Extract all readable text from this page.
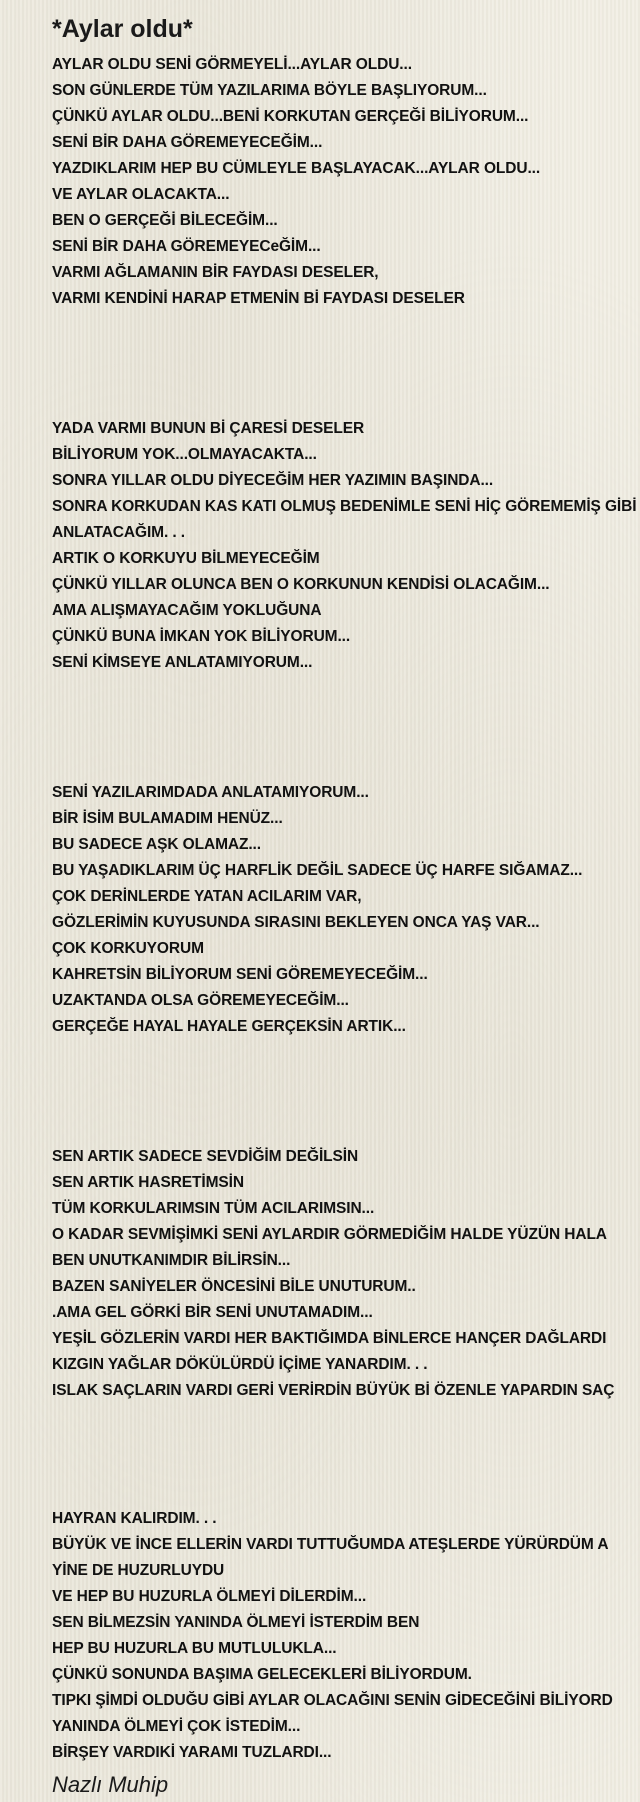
*Aylar oldu*
AYLAR OLDU SENİ GÖRMEYELİ...AYLAR OLDU...
SON GÜNLERDE TÜM YAZILARIMA BÖYLE BAŞLIYORUM...
ÇÜNKÜ AYLAR OLDU...BENİ KORKUTAN GERÇEĞİ BİLİYORUM...
SENİ BİR DAHA GÖREMEYECEĞİM...
YAZDIKLARIM HEP BU CÜMLEYLE BAŞLAYACAK...AYLAR OLDU...
VE AYLAR OLACAKTA...
BEN O GERÇEĞİ BİLECEĞİM...
SENİ BİR DAHA GÖREMEYECeĞİM...
VARMI AĞLAMANIN BİR FAYDASI DESELER,
VARMI KENDİNİ HARAP ETMENİN Bİ FAYDASI DESELER
YADA VARMI BUNUN Bİ ÇARESİ DESELER
BİLİYORUM YOK...OLMAYACAKTA...
SONRA YILLAR OLDU DİYECEĞİM HER YAZIMIN BAŞINDA...
SONRA KORKUDAN KAS KATI OLMUŞ BEDENİMLE SENİ HİÇ GÖREMEMİŞ GİBİ
ANLATACAĞIM. . .
ARTIK O KORKUYU BİLMEYECEĞİM
ÇÜNKÜ YILLAR OLUNCA BEN O KORKUNUN KENDİSİ OLACAĞIM...
AMA ALIŞMAYACAĞIM YOKLUĞUNA
ÇÜNKÜ BUNA İMKAN YOK BİLİYORUM...
SENİ KİMSEYE ANLATAMIYORUM...
SENİ YAZILARIMDADA ANLATAMIYORUM...
BİR İSİM BULAMADIM HENÜZ...
BU SADECE AŞK OLAMAZ...
BU YAŞADIKLARIM ÜÇ HARFLİK DEĞİL SADECE ÜÇ HARFE SIĞAMAZ...
ÇOK DERİNLERDE YATAN ACILARIM VAR,
GÖZLERİMİN KUYUSUNDA SIRASINI BEKLEYEN ONCA YAŞ VAR...
ÇOK KORKUYORUM
KAHRETSİN BİLİYORUM SENİ GÖREMEYECEĞİM...
UZAKTANDA OLSA GÖREMEYECEĞİM...
GERÇEĞE HAYAL HAYALE GERÇEKSİN ARTIK...
SEN ARTIK SADECE SEVDİĞİM DEĞİLSİN
SEN ARTIK HASRETİMSİN
TÜM KORKULARIMSIN TÜM ACILARIMSIN...
O KADAR SEVMİŞİMKİ SENİ AYLARDIR GÖRMEDİĞİM HALDE YÜZÜN HALA
BEN UNUTKANIMDIR BİLİRSİN...
BAZEN SANİYELER ÖNCESİNİ BİLE UNUTURUM..
.AMA GEL GÖRKİ BİR SENİ UNUTAMADIM...
YEŞİL GÖZLERİN VARDI HER BAKTIĞIMDA BİNLERCE HANÇER DAĞLARDI
KIZGIN YAĞLAR DÖKÜLÜRDÜ İÇİME YANARDIM. . .
ISLAK SAÇLARIN VARDI GERİ VERİRDİN BÜYÜK Bİ ÖZENLE YAPARDIN SAÇ
HAYRAN KALIRDIM. . .
BÜYÜK VE İNCE ELLERİN VARDI TUTTUĞUMDA ATEŞLERDE YÜRÜRDÜM A
YİNE DE HUZURLUYDU
VE HEP BU HUZURLA ÖLMEYİ DİLERDİM...
SEN BİLMEZSİN YANINDA ÖLMEYİ İSTERDİM BEN
HEP BU HUZURLA BU MUTLULUKLA...
ÇÜNKÜ SONUNDA BAŞIMA GELECEKLERİ BİLİYORDUM.
TIPKI ŞİMDİ OLDUĞU GİBİ AYLAR OLACAĞINI SENİN GİDECEĞİNİ BİLİYORD
YANINDA ÖLMEYİ ÇOK İSTEDİM...
BİRŞEY VARDIKİ YARAMI TUZLARDI...
Nazlı Muhip
